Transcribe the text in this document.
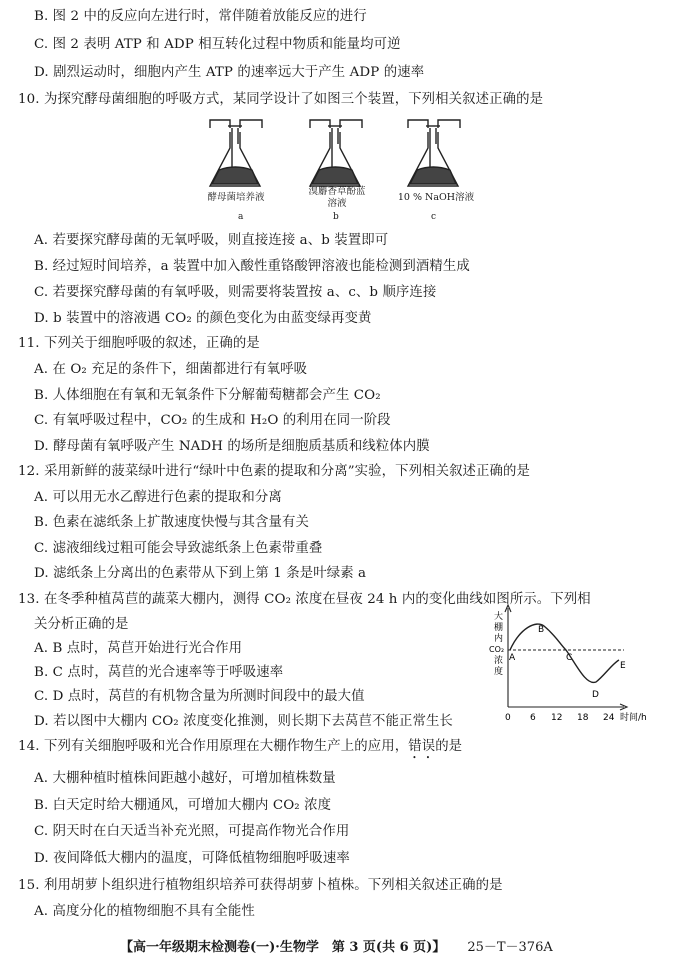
B. 图 2 中的反应向左进行时，常伴随着放能反应的进行
C. 图 2 表明 ATP 和 ADP 相互转化过程中物质和能量均可逆
D. 剧烈运动时，细胞内产生 ATP 的速率远大于产生 ADP 的速率
10. 为探究酵母菌细胞的呼吸方式，某同学设计了如图三个装置，下列相关叙述正确的是
酵母菌培养液
溴麝香草酚蓝
溶液
10 % NaOH溶液
a	b	c
A. 若要探究酵母菌的无氧呼吸，则直接连接 a、b 装置即可
B. 经过短时间培养，a 装置中加入酸性重铬酸钾溶液也能检测到酒精生成
C. 若要探究酵母菌的有氧呼吸，则需要将装置按 a、c、b 顺序连接
D. b 装置中的溶液遇 CO₂ 的颜色变化为由蓝变绿再变黄
11. 下列关于细胞呼吸的叙述，正确的是
A. 在 O₂ 充足的条件下，细菌都进行有氧呼吸
B. 人体细胞在有氧和无氧条件下分解葡萄糖都会产生 CO₂
C. 有氧呼吸过程中，CO₂ 的生成和 H₂O 的利用在同一阶段
D. 酵母菌有氧呼吸产生 NADH 的场所是细胞质基质和线粒体内膜
12. 采用新鲜的菠菜绿叶进行“绿叶中色素的提取和分离”实验，下列相关叙述正确的是
A. 可以用无水乙醇进行色素的提取和分离
B. 色素在滤纸条上扩散速度快慢与其含量有关
C. 滤液细线过粗可能会导致滤纸条上色素带重叠
D. 滤纸条上分离出的色素带从下到上第 1 条是叶绿素 a
13. 在冬季种植莴苣的蔬菜大棚内，测得 CO₂ 浓度在昼夜 24 h 内的变化曲线如图所示。下列相
关分析正确的是
A. B 点时，莴苣开始进行光合作用
B. C 点时，莴苣的光合速率等于呼吸速率
C. D 点时，莴苣的有机物含量为所测时间段中的最大值
D. 若以图中大棚内 CO₂ 浓度变化推测，则长期下去莴苣不能正常生长
大
棚
内
CO₂
浓
度
A
B
C
D
E
0 6 12 18 24 时间/h
14. 下列有关细胞呼吸和光合作用原理在大棚作物生产上的应用，错误的是
A. 大棚种植时植株间距越小越好，可增加植株数量
B. 白天定时给大棚通风，可增加大棚内 CO₂ 浓度
C. 阴天时在白天适当补充光照，可提高作物光合作用
D. 夜间降低大棚内的温度，可降低植物细胞呼吸速率
15. 利用胡萝卜组织进行植物组织培养可获得胡萝卜植株。下列相关叙述正确的是
A. 高度分化的植物细胞不具有全能性
【高一年级期末检测卷(一)·生物学　第 3 页(共 6 页)】 25－T－376A
